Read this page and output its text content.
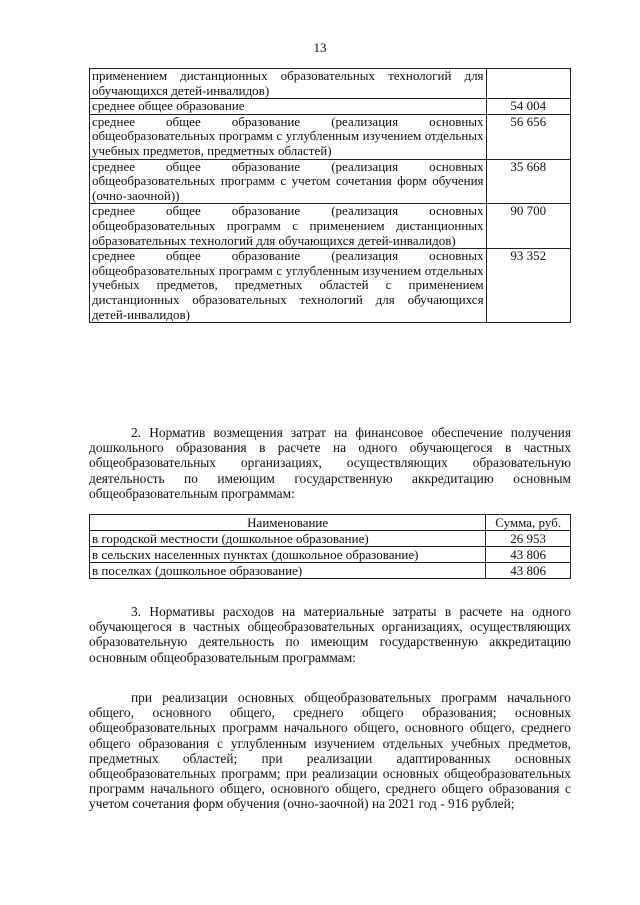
13
применением дистанционных образовательных технологий для обучающихся детей-инвалидов)	
среднее общее образование	54 004
среднее общее образование (реализация основных общеобразовательных программ с углубленным изучением отдельных учебных предметов, предметных областей)	56 656
среднее общее образование (реализация основных общеобразовательных программ с учетом сочетания форм обучения (очно-заочной))	35 668
среднее общее образование (реализация основных общеобразовательных программ с применением дистанционных образовательных технологий для обучающихся детей-инвалидов)	90 700
среднее общее образование (реализация основных общеобразовательных программ с углубленным изучением отдельных учебных предметов, предметных областей с применением дистанционных образовательных технологий для обучающихся детей-инвалидов)	93 352
2. Норматив возмещения затрат на финансовое обеспечение получения дошкольного образования в расчете на одного обучающегося в частных общеобразовательных организациях, осуществляющих образовательную деятельность по имеющим государственную аккредитацию основным общеобразовательным программам:
Наименование	Сумма, руб.
в городской местности (дошкольное образование)	26 953
в сельских населенных пунктах (дошкольное образование)	43 806
в поселках (дошкольное образование)	43 806
3. Нормативы расходов на материальные затраты в расчете на одного обучающегося в частных общеобразовательных организациях, осуществляющих образовательную деятельность по имеющим государственную аккредитацию основным общеобразовательным программам:
при реализации основных общеобразовательных программ начального общего, основного общего, среднего общего образования; основных общеобразовательных программ начального общего, основного общего, среднего общего образования с углубленным изучением отдельных учебных предметов, предметных областей; при реализации адаптированных основных общеобразовательных программ; при реализации основных общеобразовательных программ начального общего, основного общего, среднего общего образования с учетом сочетания форм обучения (очно-заочной) на 2021 год - 916 рублей;
